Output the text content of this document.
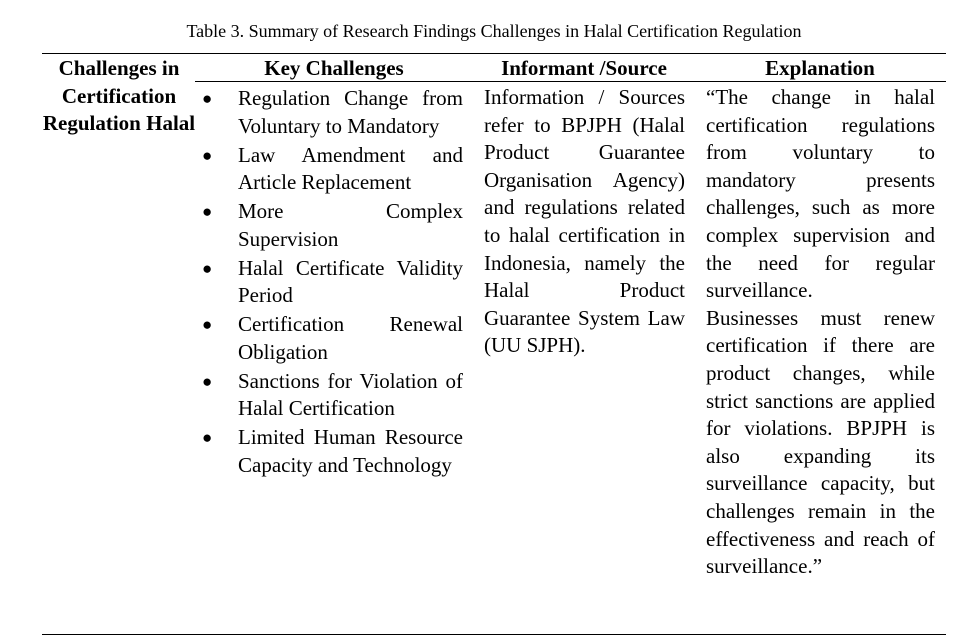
Table 3. Summary of Research Findings Challenges in Halal Certification Regulation
Challenges in Certification Regulation Halal
Key Challenges	Informant /Source	Explanation
● Regulation Change from Voluntary to Mandatory
● Law Amendment and Article Replacement
● More Complex Supervision
● Halal Certificate Validity Period
● Certification Renewal Obligation
● Sanctions for Violation of Halal Certification
● Limited Human Resource Capacity and Technology

Information / Sources refer to BPJPH (Halal Product Guarantee Organisation Agency) and regulations related to halal certification in Indonesia, namely the Halal Product Guarantee System Law (UU SJPH).

“The change in halal certification regulations from voluntary to mandatory presents challenges, such as more complex supervision and the need for regular surveillance.

Businesses must renew certification if there are product changes, while strict sanctions are applied for violations. BPJPH is also expanding its surveillance capacity, but challenges remain in the effectiveness and reach of surveillance.”
